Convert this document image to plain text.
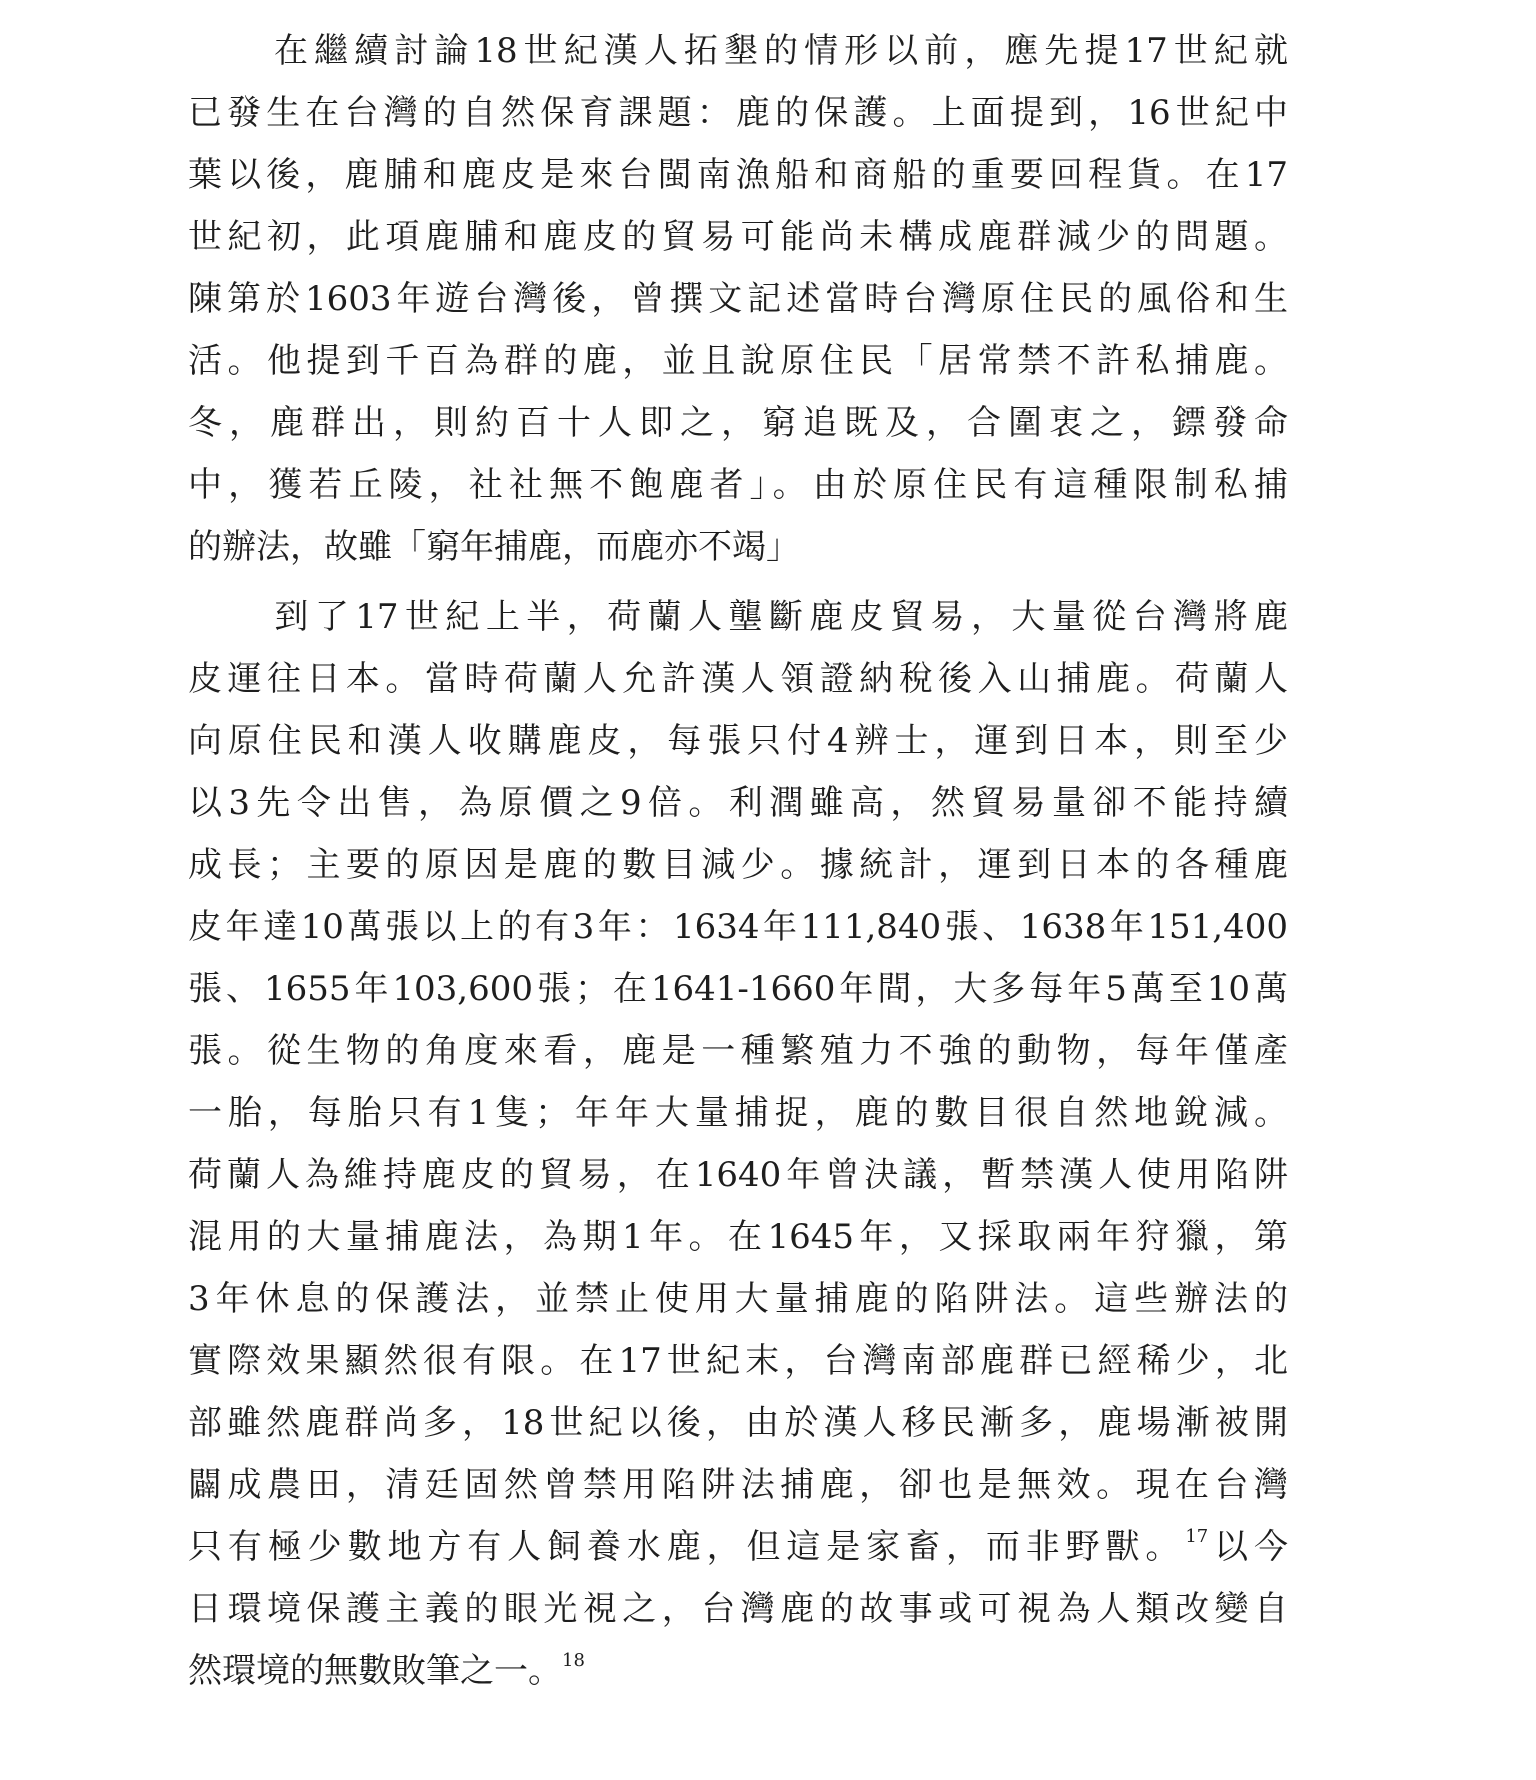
在繼續討論18世紀漢人拓墾的情形以前，應先提17世紀就
已發生在台灣的自然保育課題：鹿的保護。上面提到，16世紀中
葉以後，鹿脯和鹿皮是來台閩南漁船和商船的重要回程貨。在17
世紀初，此項鹿脯和鹿皮的貿易可能尚未構成鹿群減少的問題。
陳第於1603年遊台灣後，曾撰文記述當時台灣原住民的風俗和生
活。他提到千百為群的鹿，並且說原住民「居常禁不許私捕鹿。
冬，鹿群出，則約百十人即之，窮追既及，合圍衷之，鏢發命
中，獲若丘陵，社社無不飽鹿者」。由於原住民有這種限制私捕
的辦法，故雖「窮年捕鹿，而鹿亦不竭」

到了17世紀上半，荷蘭人壟斷鹿皮貿易，大量從台灣將鹿
皮運往日本。當時荷蘭人允許漢人領證納稅後入山捕鹿。荷蘭人
向原住民和漢人收購鹿皮，每張只付4辨士，運到日本，則至少
以3先令出售，為原價之9倍。利潤雖高，然貿易量卻不能持續
成長；主要的原因是鹿的數目減少。據統計，運到日本的各種鹿
皮年達10萬張以上的有3年：1634年111,840張、1638年151,400
張、1655年103,600張；在1641-1660年間，大多每年5萬至10萬
張。從生物的角度來看，鹿是一種繁殖力不強的動物，每年僅產
一胎，每胎只有1隻；年年大量捕捉，鹿的數目很自然地銳減。
荷蘭人為維持鹿皮的貿易，在1640年曾決議，暫禁漢人使用陷阱
混用的大量捕鹿法，為期1年。在1645年，又採取兩年狩獵，第
3年休息的保護法，並禁止使用大量捕鹿的陷阱法。這些辦法的
實際效果顯然很有限。在17世紀末，台灣南部鹿群已經稀少，北
部雖然鹿群尚多，18世紀以後，由於漢人移民漸多，鹿場漸被開
闢成農田，清廷固然曾禁用陷阱法捕鹿，卻也是無效。現在台灣
只有極少數地方有人飼養水鹿，但這是家畜，而非野獸。$^{17}$以今
日環境保護主義的眼光視之，台灣鹿的故事或可視為人類改變自
然環境的無數敗筆之一。$^{18}$
